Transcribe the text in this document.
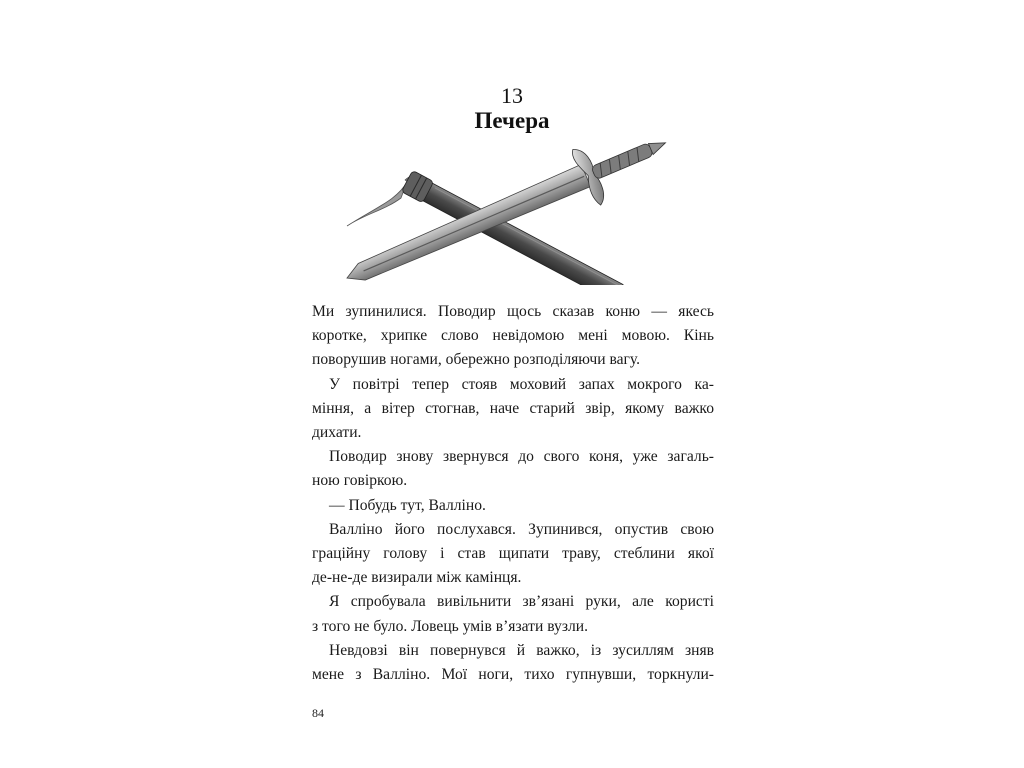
13
Печера
Ми зупинилися. Поводир щось сказав коню — якесь
коротке, хрипке слово невідомою мені мовою. Кінь
поворушив ногами, обережно розподіляючи вагу.
У повітрі тепер стояв моховий запах мокрого ка-
міння, а вітер стогнав, наче старий звір, якому важко
дихати.
Поводир знову звернувся до свого коня, уже загаль-
ною говіркою.
— Побудь тут, Валліно.
Валліно його послухався. Зупинився, опустив свою
граційну голову і став щипати траву, стеблини якої
де-не-де визирали між камінця.
Я спробувала вивільнити зв’язані руки, але користі
з того не було. Ловець умів в’язати вузли.
Невдовзі він повернувся й важко, із зусиллям зняв
мене з Валліно. Мої ноги, тихо гупнувши, торкнули-
84
